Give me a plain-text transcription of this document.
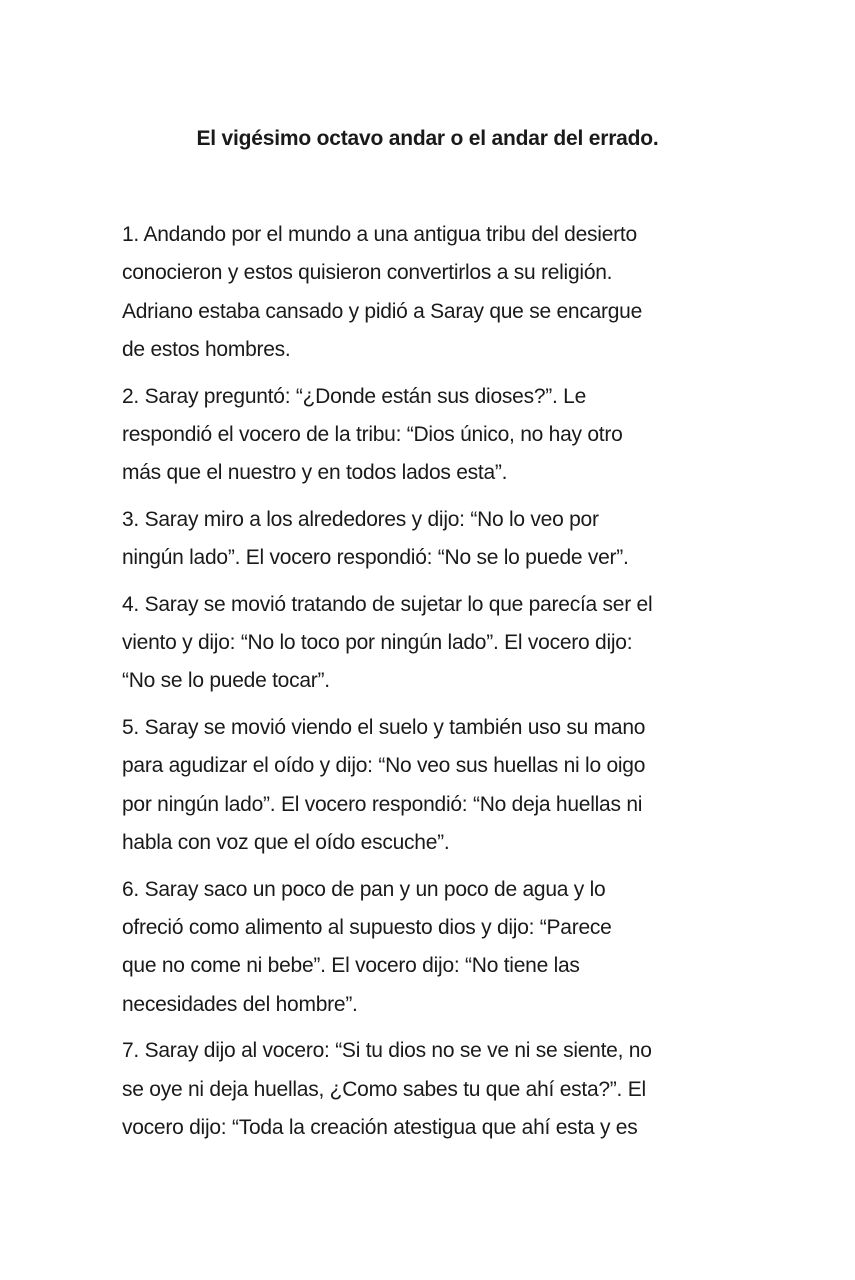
El vigésimo octavo andar o el andar del errado.

1. Andando por el mundo a una antigua tribu del desierto
conocieron y estos quisieron convertirlos a su religión.
Adriano estaba cansado y pidió a Saray que se encargue
de estos hombres.

2. Saray preguntó: “¿Donde están sus dioses?”. Le
respondió el vocero de la tribu: “Dios único, no hay otro
más que el nuestro y en todos lados esta”.

3. Saray miro a los alrededores y dijo: “No lo veo por
ningún lado”. El vocero respondió: “No se lo puede ver”.

4. Saray se movió tratando de sujetar lo que parecía ser el
viento y dijo: “No lo toco por ningún lado”. El vocero dijo:
“No se lo puede tocar”.

5. Saray se movió viendo el suelo y también uso su mano
para agudizar el oído y dijo: “No veo sus huellas ni lo oigo
por ningún lado”. El vocero respondió: “No deja huellas ni
habla con voz que el oído escuche”.

6. Saray saco un poco de pan y un poco de agua y lo
ofreció como alimento al supuesto dios y dijo: “Parece
que no come ni bebe”. El vocero dijo: “No tiene las
necesidades del hombre”.

7. Saray dijo al vocero: “Si tu dios no se ve ni se siente, no
se oye ni deja huellas, ¿Como sabes tu que ahí esta?”. El
vocero dijo: “Toda la creación atestigua que ahí esta y es
